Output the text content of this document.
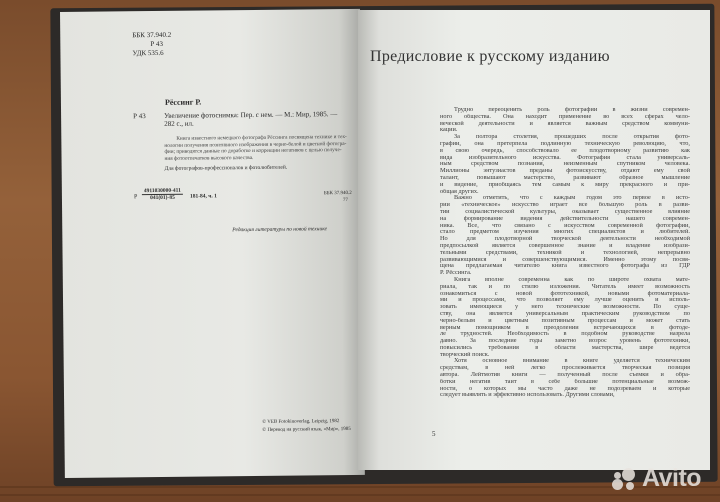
ББК 37.940.2
Р 43
УДК 535.6
Рёссинг Р.
Р 43	Увеличение фотоснимка: Пер. с нем. — М.: Мир, 1985. —
282 с., ил.
Книга известного немецкого фотографа Рёссинга посвящена технике и тех-
нологии получения позитивного изображения в черно-белой и цветной фотогра-
фии; приводятся данные по доработке и коррекции негативов с целью получе-
ния фотоотпечатков высокого качества.
Для фотографов-профессионалов и фотолюбителей.
Р $\frac{4911030000-411}{041(01)-85} 181-84$, ч. 1	ББК 37.940.2
77
Редакция литературы по новой технике
© VEB Fotokinoverlag, Leipzig, 1982
© Перевод на русский язык, «Мир», 1985
Предисловие к русскому изданию
Трудно переоценить роль фотографии в жизни современ-
ного общества. Она находит применение во всех сферах чело-
веческой деятельности и является важным средством коммуни-
кации.
За полтора столетия, прошедших после открытия фото-
графии, она претерпела подлинную техническую революцию, что,
в свою очередь, способствовало ее плодотворному развитию как
вида изобразительного искусства. Фотография стала универсаль-
ным средством познания, неизменным спутником человека.
Миллионы энтузиастов преданы фотоискусству, отдают ему свой
талант, повышают мастерство, развивают образное мышление
и видение, приобщаясь тем самым к миру прекрасного и при-
общая других.
Важно отметить, что с каждым годом это первое в исто-
рии «техническое» искусство играет все большую роль в разви-
тии социалистической культуры, оказывает существенное влияние
на формирование видения действительности нашего современ-
ника. Все, что связано с искусством современной фотографии,
стало предметом изучения многих специалистов и любителей.
Но для плодотворной творческой деятельности необходимой
предпосылкой является совершенное знание и владение изобрази-
тельными средствами, техникой и технологией, непрерывно
развивающимися и совершенствующимися. Именно этому посвя-
щена предлагаемая читателю книга известного фотографа из ГДР
Р. Рёссинга.
Книга вполне современна как по широте охвата мате-
риала, так и по стилю изложения. Читатель имеет возможность
ознакомиться с новой фототехникой, новыми фотоматериала-
ми и процессами, что позволяет ему лучше оценить и исполь-
зовать имеющиеся у него технические возможности. По суще-
ству, она является универсальным практическим руководством по
черно-белым и цветным позитивным процессам и может стать
верным помощником в преодолении встречающихся в фотоде-
ле трудностей. Необходимость в подобном руководстве назрела
давно. За последние годы заметно возрос уровень фототехники,
повысились требования в области мастерства, шире ведется
творческий поиск.
Хотя основное внимание в книге уделяется техническим
средствам, в ней легко прослеживается творческая позиция
автора. Лейтмотив книги — полученный после съемки и обра-
ботки негатив таит в себе большие потенциальные возмож-
ности, о которых мы часто даже не подозреваем и которые
следует выявлять и эффективно использовать. Другими словами,
5
Avito
